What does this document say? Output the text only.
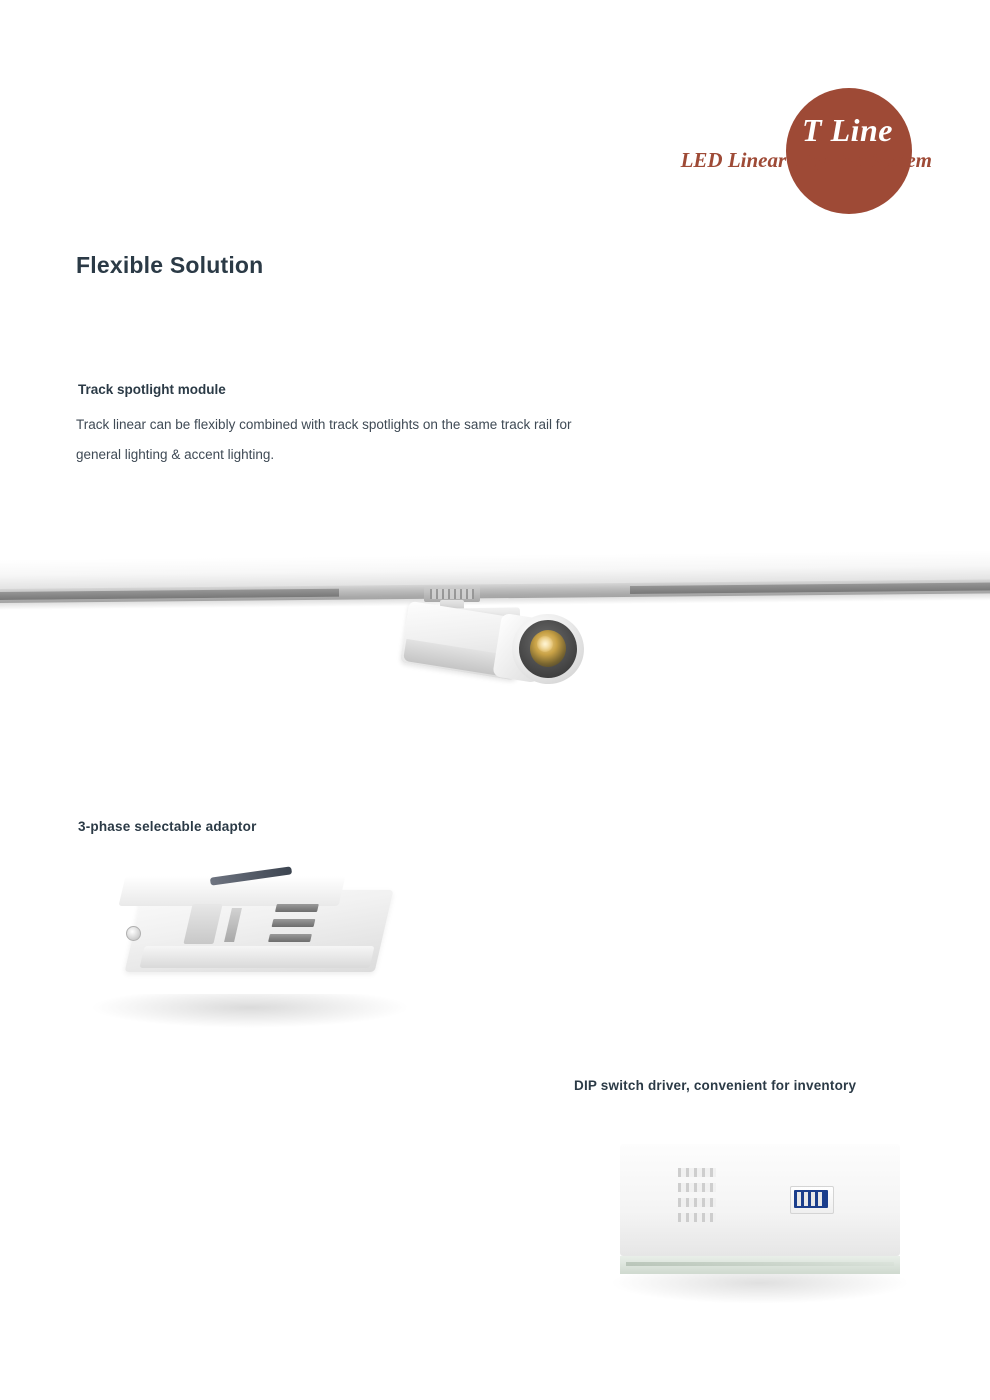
T Line
LED Linear Lighting System
Flexible Solution
Track spotlight module
Track linear can be flexibly combined with track spotlights on the same track rail for
general lighting & accent lighting.
3-phase selectable adaptor
DIP switch driver, convenient for inventory
